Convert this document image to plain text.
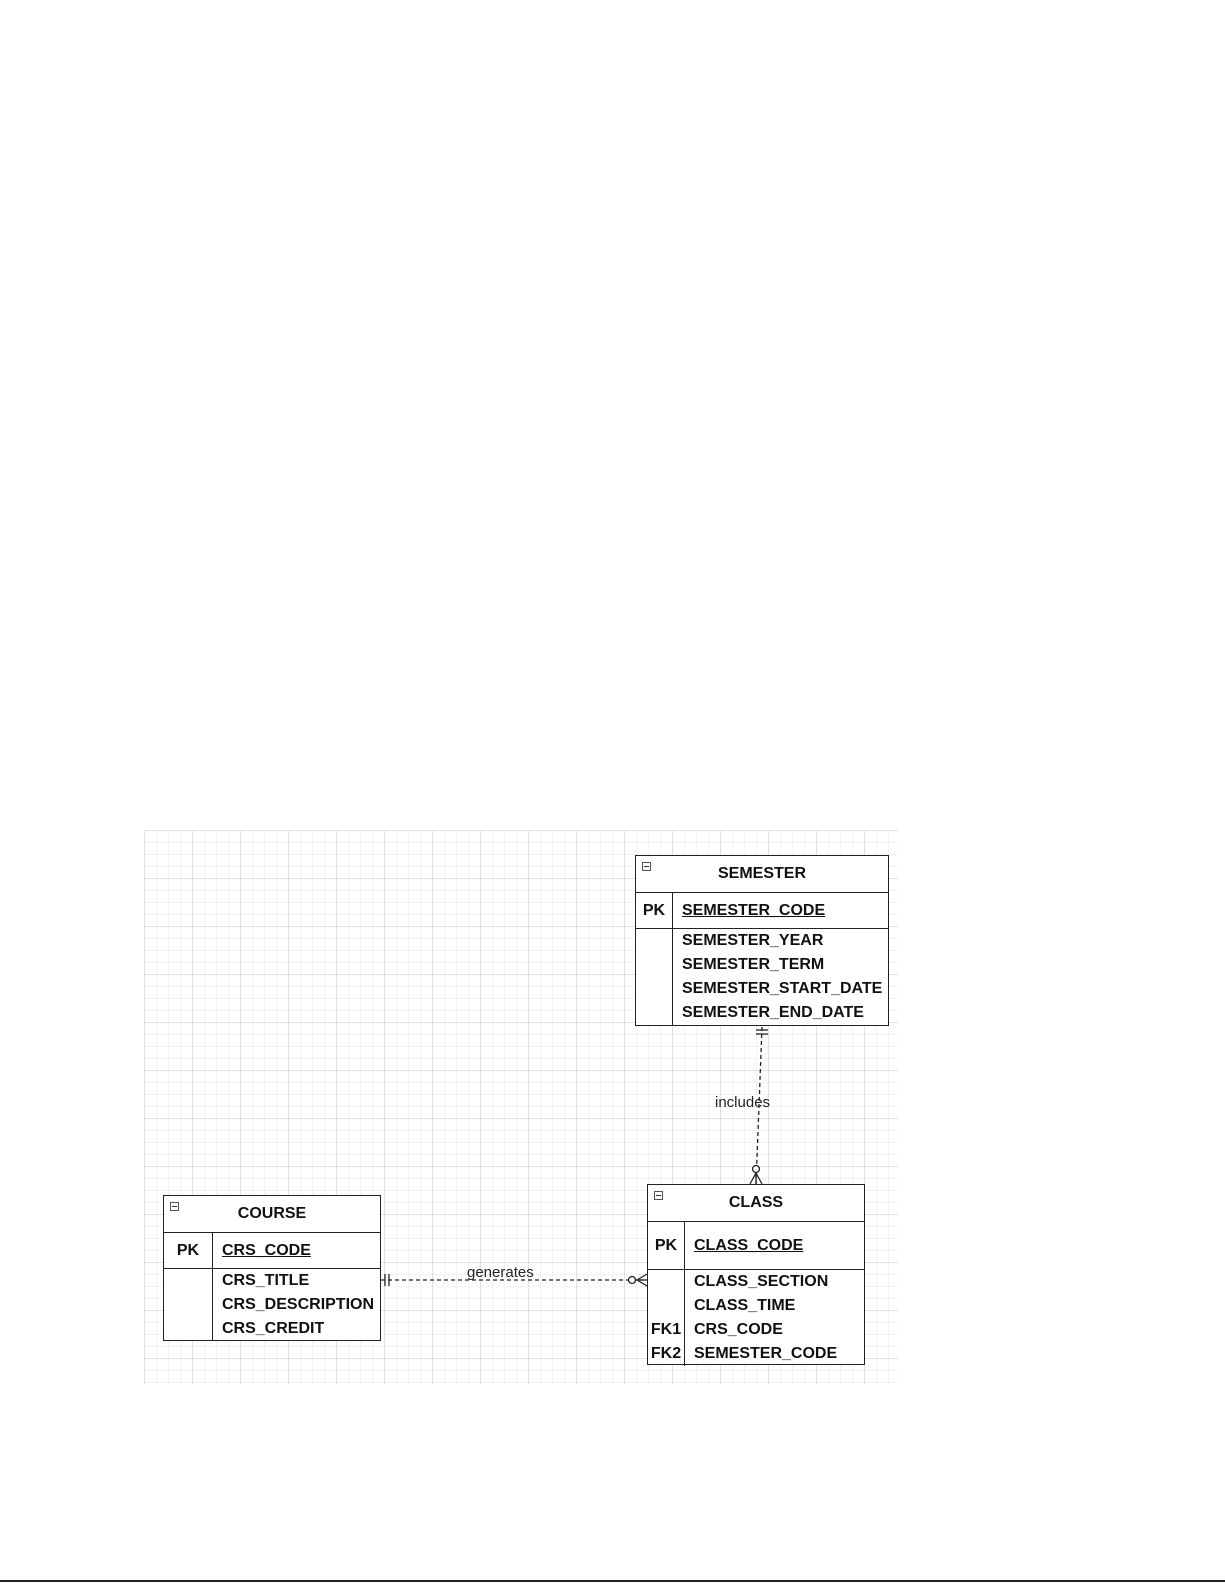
SEMESTER
PK SEMESTER_CODE
SEMESTER_YEAR
SEMESTER_TERM
SEMESTER_START_DATE
SEMESTER_END_DATE
CLASS
PK CLASS_CODE
FK1
FK2
CLASS_SECTION
CLASS_TIME
CRS_CODE
SEMESTER_CODE
COURSE
PK CRS_CODE
CRS_TITLE
CRS_DESCRIPTION
CRS_CREDIT
includes
generates
